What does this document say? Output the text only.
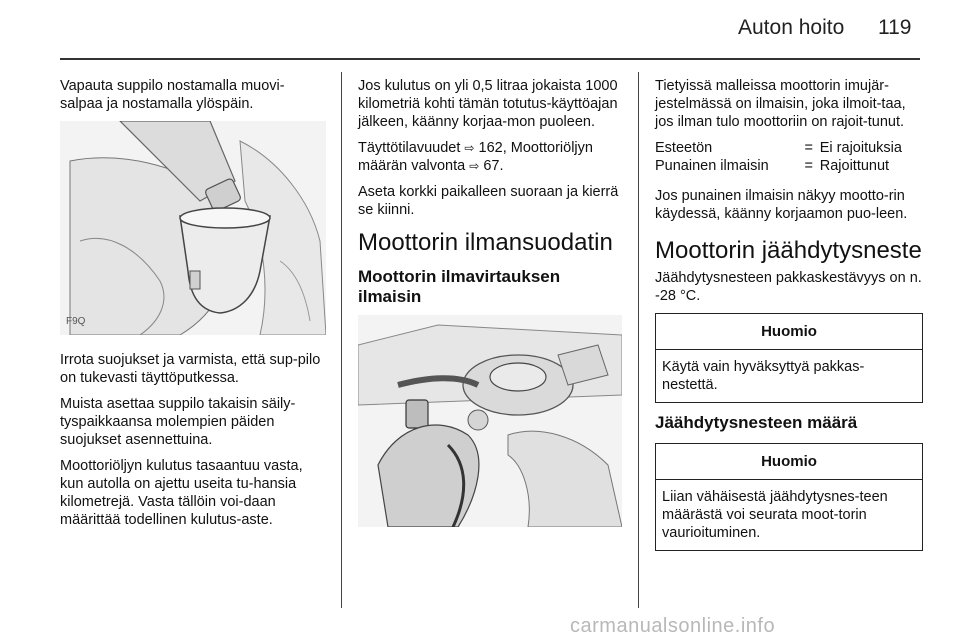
Auton hoito 119

Vapauta suppilo nostamalla muovi-salpaa ja nostamalla ylöspäin.

F9Q

Irrota suojukset ja varmista, että sup-pilo on tukevasti täyttöputkessa.

Muista asettaa suppilo takaisin säily-tyspaikkaansa molempien päiden suojukset asennettuina.

Moottoriöljyn kulutus tasaantuu vasta, kun autolla on ajettu useita tu-hansia kilometrejä. Vasta tällöin voi-daan määrittää todellinen kulutus-aste.

Jos kulutus on yli 0,5 litraa jokaista 1000 kilometriä kohti tämän totutus-käyttöajan jälkeen, käänny korjaa-mon puoleen.

Täyttötilavuudet ⇨ 162, Moottoriöljyn määrän valvonta ⇨ 67.

Aseta korkki paikalleen suoraan ja kierrä se kiinni.

Moottorin ilmansuodatin
Moottorin ilmavirtauksen ilmaisin

Tietyissä malleissa moottorin imujär-jestelmässä on ilmaisin, joka ilmoit-taa, jos ilman tulo moottoriin on rajoit-tunut.

Esteetön	=	Ei rajoituksia
Punainen ilmaisin	=	Rajoittunut

Jos punainen ilmaisin näkyy mootto-rin käydessä, käänny korjaamon puo-leen.

Moottorin jäähdytysneste

Jäähdytysnesteen pakkaskestävyys on n. -28 °C.

Huomio
Käytä vain hyväksyttyä pakkas-nestettä.
Jäähdytysnesteen määrä
Huomio
Liian vähäisestä jäähdytysnes-teen määrästä voi seurata moot-torin vaurioituminen.
carmanualsonline.info
